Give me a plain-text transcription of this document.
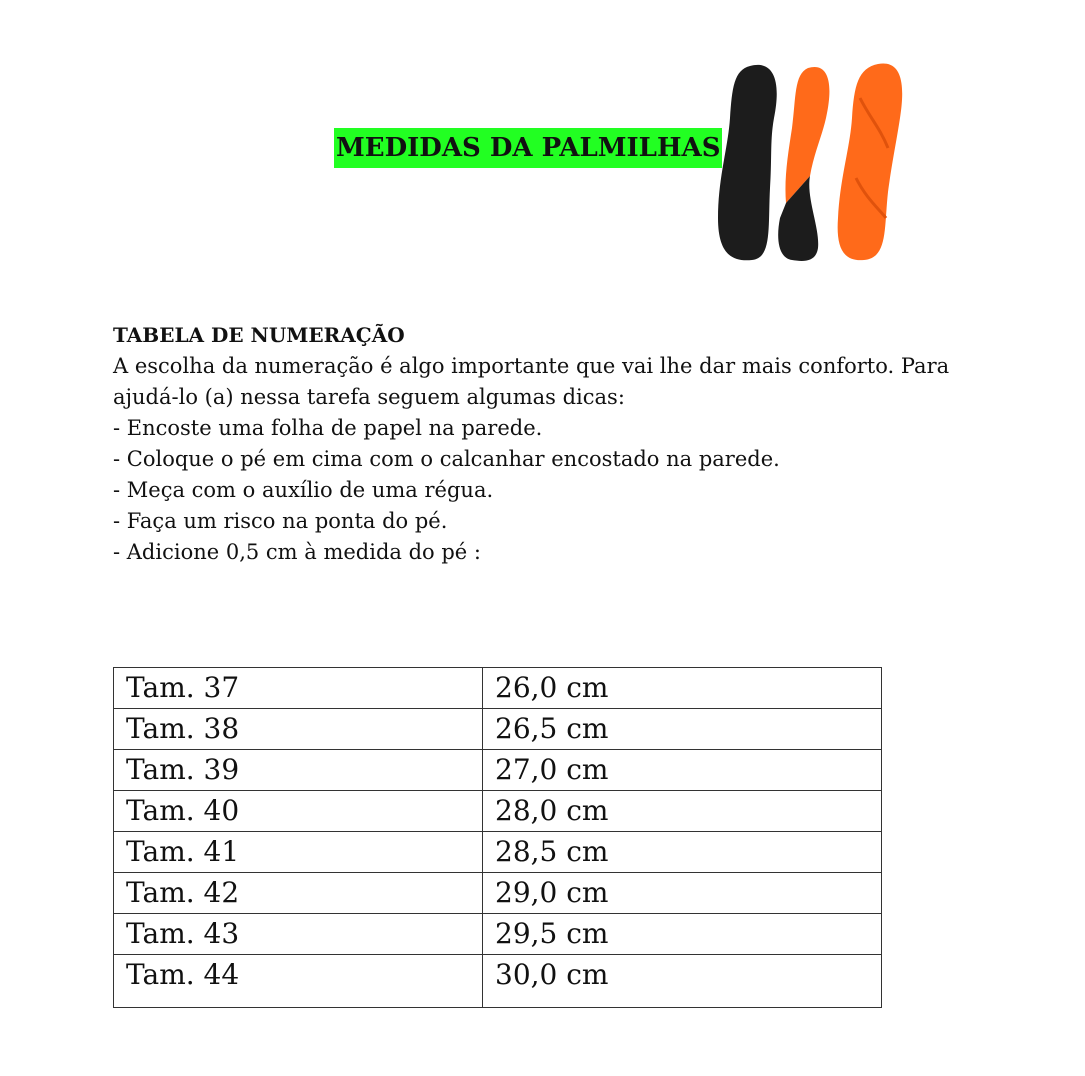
MEDIDAS DA PALMILHAS
TABELA DE NUMERAÇÃO
A escolha da numeração é algo importante que vai lhe dar mais conforto. Para
ajudá-lo (a) nessa tarefa seguem algumas dicas:
- Encoste uma folha de papel na parede.
- Coloque o pé em cima com o calcanhar encostado na parede.
- Meça com o auxílio de uma régua.
- Faça um risco na ponta do pé.
- Adicione 0,5 cm à medida do pé :
Tam. 37	26,0 cm
Tam. 38	26,5 cm
Tam. 39	27,0 cm
Tam. 40	28,0 cm
Tam. 41	28,5 cm
Tam. 42	29,0 cm
Tam. 43	29,5 cm
Tam. 44	30,0 cm
